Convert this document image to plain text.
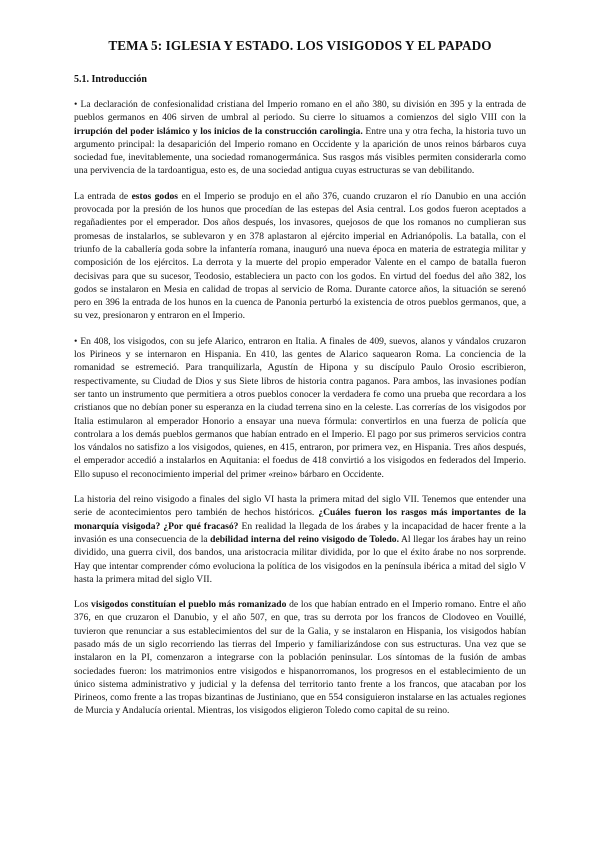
TEMA 5: IGLESIA Y ESTADO. LOS VISIGODOS Y EL PAPADO
5.1. Introducción

• La declaración de confesionalidad cristiana del Imperio romano en el año 380, su división en 395 y la entrada de pueblos germanos en 406 sirven de umbral al periodo. Su cierre lo situamos a comienzos del siglo VIII con la irrupción del poder islámico y los inicios de la construcción carolingia. Entre una y otra fecha, la historia tuvo un argumento principal: la desaparición del Imperio romano en Occidente y la aparición de unos reinos bárbaros cuya sociedad fue, inevitablemente, una sociedad romanogermánica. Sus rasgos más visibles permiten considerarla como una pervivencia de la tardoantigua, esto es, de una sociedad antigua cuyas estructuras se van debilitando.

La entrada de estos godos en el Imperio se produjo en el año 376, cuando cruzaron el río Danubio en una acción provocada por la presión de los hunos que procedían de las estepas del Asia central. Los godos fueron aceptados a regañadientes por el emperador. Dos años después, los invasores, quejosos de que los romanos no cumplieran sus promesas de instalarlos, se sublevaron y en 378 aplastaron al ejército imperial en Adrianópolis. La batalla, con el triunfo de la caballería goda sobre la infantería romana, inauguró una nueva época en materia de estrategia militar y composición de los ejércitos. La derrota y la muerte del propio emperador Valente en el campo de batalla fueron decisivas para que su sucesor, Teodosio, estableciera un pacto con los godos. En virtud del foedus del año 382, los godos se instalaron en Mesia en calidad de tropas al servicio de Roma. Durante catorce años, la situación se serenó pero en 396 la entrada de los hunos en la cuenca de Panonia perturbó la existencia de otros pueblos germanos, que, a su vez, presionaron y entraron en el Imperio.

• En 408, los visigodos, con su jefe Alarico, entraron en Italia. A finales de 409, suevos, alanos y vándalos cruzaron los Pirineos y se internaron en Hispania. En 410, las gentes de Alarico saquearon Roma. La conciencia de la romanidad se estremeció. Para tranquilizarla, Agustín de Hipona y su discípulo Paulo Orosio escribieron, respectivamente, su Ciudad de Dios y sus Siete libros de historia contra paganos. Para ambos, las invasiones podían ser tanto un instrumento que permitiera a otros pueblos conocer la verdadera fe como una prueba que recordara a los cristianos que no debían poner su esperanza en la ciudad terrena sino en la celeste. Las correrías de los visigodos por Italia estimularon al emperador Honorio a ensayar una nueva fórmula: convertirlos en una fuerza de policía que controlara a los demás pueblos germanos que habían entrado en el Imperio. El pago por sus primeros servicios contra los vándalos no satisfizo a los visigodos, quienes, en 415, entraron, por primera vez, en Hispania. Tres años después, el emperador accedió a instalarlos en Aquitania: el foedus de 418 convirtió a los visigodos en federados del Imperio. Ello supuso el reconocimiento imperial del primer «reino» bárbaro en Occidente.

La historia del reino visigodo a finales del siglo VI hasta la primera mitad del siglo VII. Tenemos que entender una serie de acontecimientos pero también de hechos históricos. ¿Cuáles fueron los rasgos más importantes de la monarquía visigoda? ¿Por qué fracasó? En realidad la llegada de los árabes y la incapacidad de hacer frente a la invasión es una consecuencia de la debilidad interna del reino visigodo de Toledo. Al llegar los árabes hay un reino dividido, una guerra civil, dos bandos, una aristocracia militar dividida, por lo que el éxito árabe no nos sorprende. Hay que intentar comprender cómo evoluciona la política de los visigodos en la península ibérica a mitad del siglo V hasta la primera mitad del siglo VII.

Los visigodos constituían el pueblo más romanizado de los que habían entrado en el Imperio romano. Entre el año 376, en que cruzaron el Danubio, y el año 507, en que, tras su derrota por los francos de Clodoveo en Vouillé, tuvieron que renunciar a sus establecimientos del sur de la Galia, y se instalaron en Hispania, los visigodos habían pasado más de un siglo recorriendo las tierras del Imperio y familiarizándose con sus estructuras. Una vez que se instalaron en la PI, comenzaron a integrarse con la población peninsular. Los síntomas de la fusión de ambas sociedades fueron: los matrimonios entre visigodos e hispanorromanos, los progresos en el establecimiento de un único sistema administrativo y judicial y la defensa del territorio tanto frente a los francos, que atacaban por los Pirineos, como frente a las tropas bizantinas de Justiniano, que en 554 consiguieron instalarse en las actuales regiones de Murcia y Andalucía oriental. Mientras, los visigodos eligieron Toledo como capital de su reino.
